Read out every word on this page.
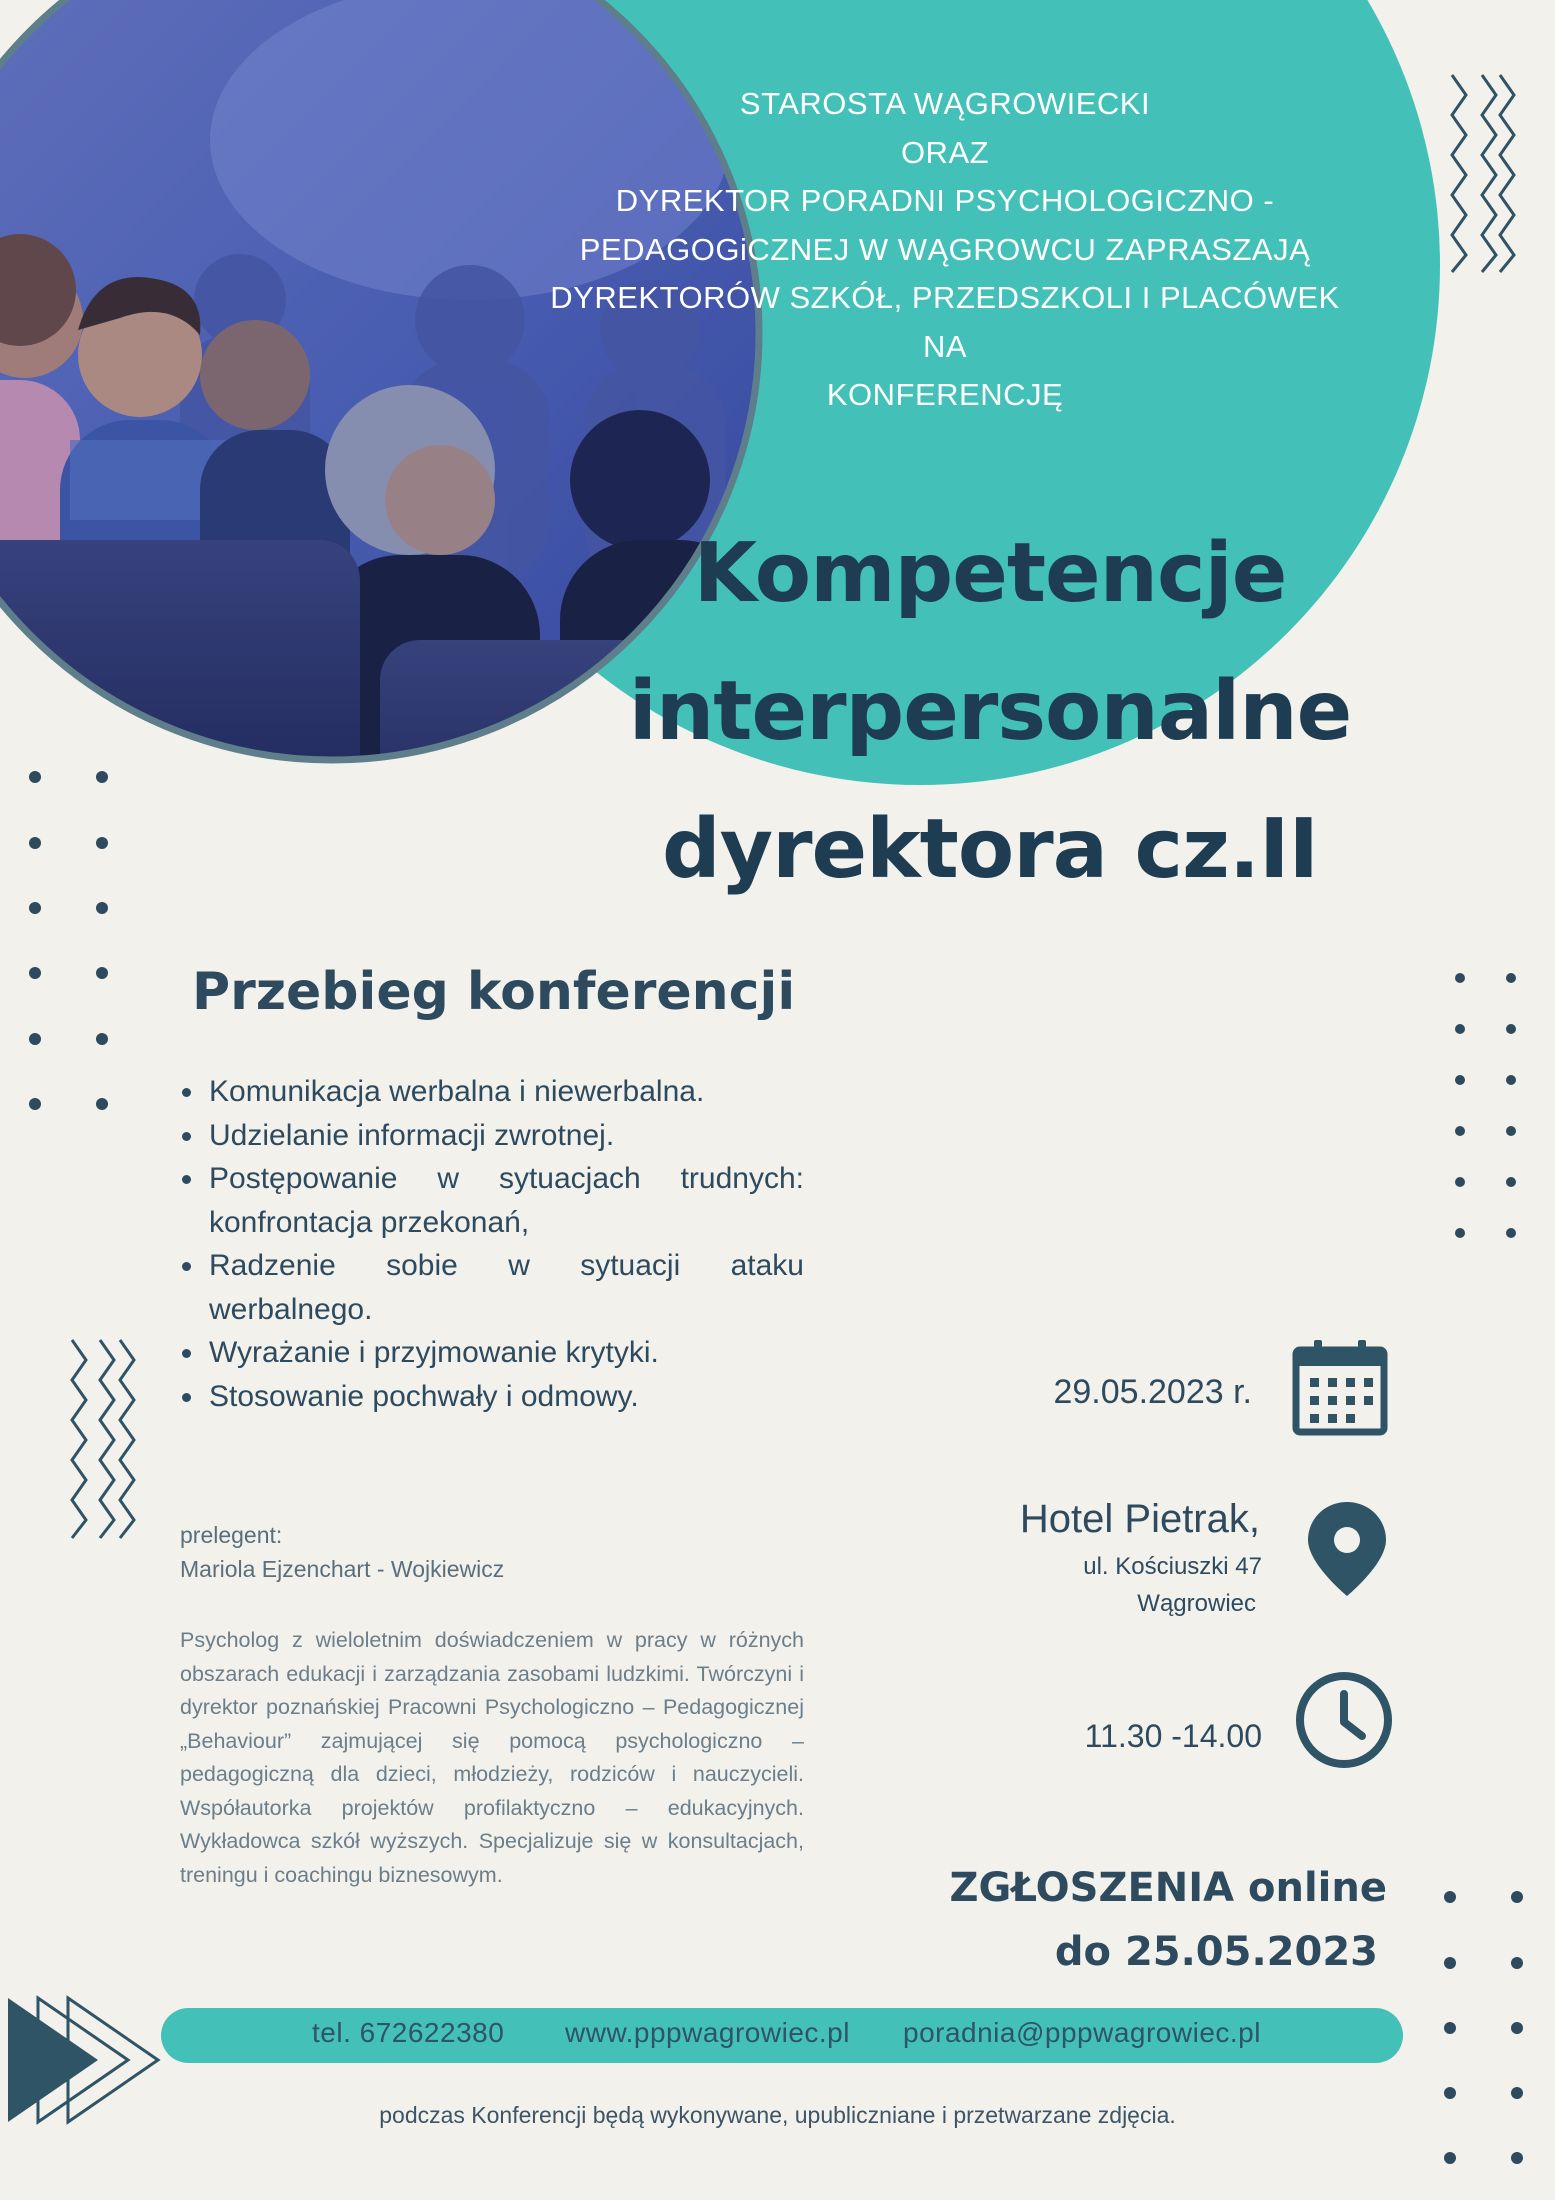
STAROSTA WĄGROWIECKI
ORAZ
DYREKTOR PORADNI PSYCHOLOGICZNO -
PEDAGOGiCZNEJ W WĄGROWCU ZAPRASZAJĄ
DYREKTORÓW SZKÓŁ, PRZEDSZKOLI I PLACÓWEK
NA
KONFERENCJĘ
Kompetencje
interpersonalne
dyrektora cz.II
Przebieg konferencji
Komunikacja werbalna i niewerbalna.
Udzielanie informacji zwrotnej.
Postępowanie w sytuacjach trudnych: konfrontacja przekonań,
Radzenie sobie w sytuacji ataku werbalnego.
Wyrażanie i przyjmowanie krytyki.
Stosowanie pochwały i odmowy.
prelegent:
Mariola Ejzenchart - Wojkiewicz
Psycholog z wieloletnim doświadczeniem w pracy w różnych obszarach edukacji i zarządzania zasobami ludzkimi. Twórczyni i dyrektor poznańskiej Pracowni Psychologiczno – Pedagogicznej „Behaviour” zajmującej się pomocą psychologiczno – pedagogiczną dla dzieci, młodzieży, rodziców i nauczycieli. Współautorka projektów profilaktyczno – edukacyjnych. Wykładowca szkół wyższych. Specjalizuje się w konsultacjach, treningu i coachingu biznesowym.
29.05.2023 r.
Hotel Pietrak,
ul. Kościuszki 47
Wągrowiec
11.30 -14.00
ZGŁOSZENIA online
do 25.05.2023
tel. 672622380 www.pppwagrowiec.pl poradnia@pppwagrowiec.pl
podczas Konferencji będą wykonywane, upubliczniane i przetwarzane zdjęcia.
